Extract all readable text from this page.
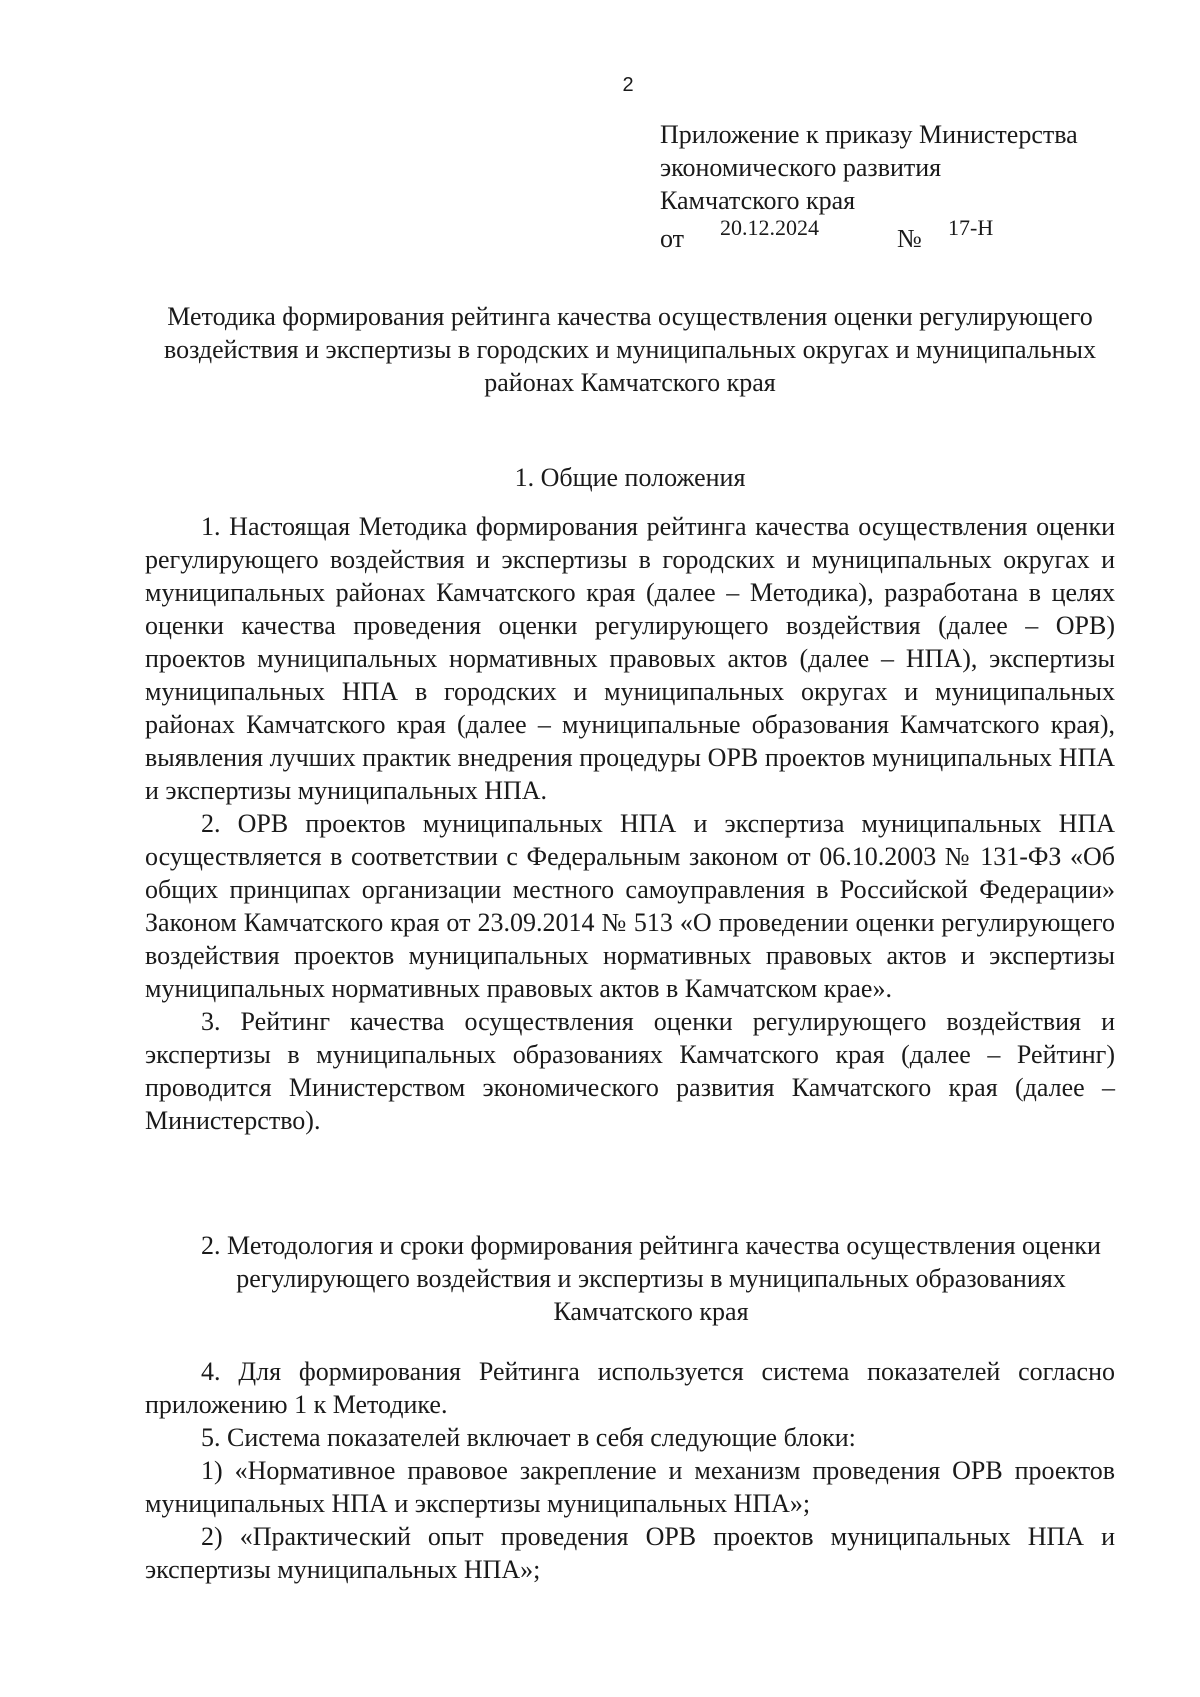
2
Приложение к приказу Министерства
экономического развития
Камчатского края
от 20.12.2024	№ 17-Н
Методика формирования рейтинга качества осуществления оценки регулирующего воздействия и экспертизы в городских и муниципальных округах и муниципальных районах Камчатского края
1. Общие положения

1. Настоящая Методика формирования рейтинга качества осуществления оценки регулирующего воздействия и экспертизы в городских и муниципальных округах и муниципальных районах Камчатского края (далее – Методика), разработана в целях оценки качества проведения оценки регулирующего воздействия (далее – ОРВ) проектов муниципальных нормативных правовых актов (далее – НПА), экспертизы муниципальных НПА в городских и муниципальных округах и муниципальных районах Камчатского края (далее – муниципальные образования Камчатского края), выявления лучших практик внедрения процедуры ОРВ проектов муниципальных НПА и экспертизы муниципальных НПА.

2. ОРВ проектов муниципальных НПА и экспертиза муниципальных НПА осуществляется в соответствии с Федеральным законом от 06.10.2003 № 131-ФЗ «Об общих принципах организации местного самоуправления в Российской Федерации» Законом Камчатского края от 23.09.2014 № 513 «О проведении оценки регулирующего воздействия проектов муниципальных нормативных правовых актов и экспертизы муниципальных нормативных правовых актов в Камчатском крае».

3. Рейтинг качества осуществления оценки регулирующего воздействия и экспертизы в муниципальных образованиях Камчатского края (далее – Рейтинг) проводится Министерством экономического развития Камчатского края (далее – Министерство).

2. Методология и сроки формирования рейтинга качества осуществления оценки регулирующего воздействия и экспертизы в муниципальных образованиях Камчатского края

4. Для формирования Рейтинга используется система показателей согласно приложению 1 к Методике.

5. Система показателей включает в себя следующие блоки:

1) «Нормативное правовое закрепление и механизм проведения ОРВ проектов муниципальных НПА и экспертизы муниципальных НПА»;

2) «Практический опыт проведения ОРВ проектов муниципальных НПА и экспертизы муниципальных НПА»;
